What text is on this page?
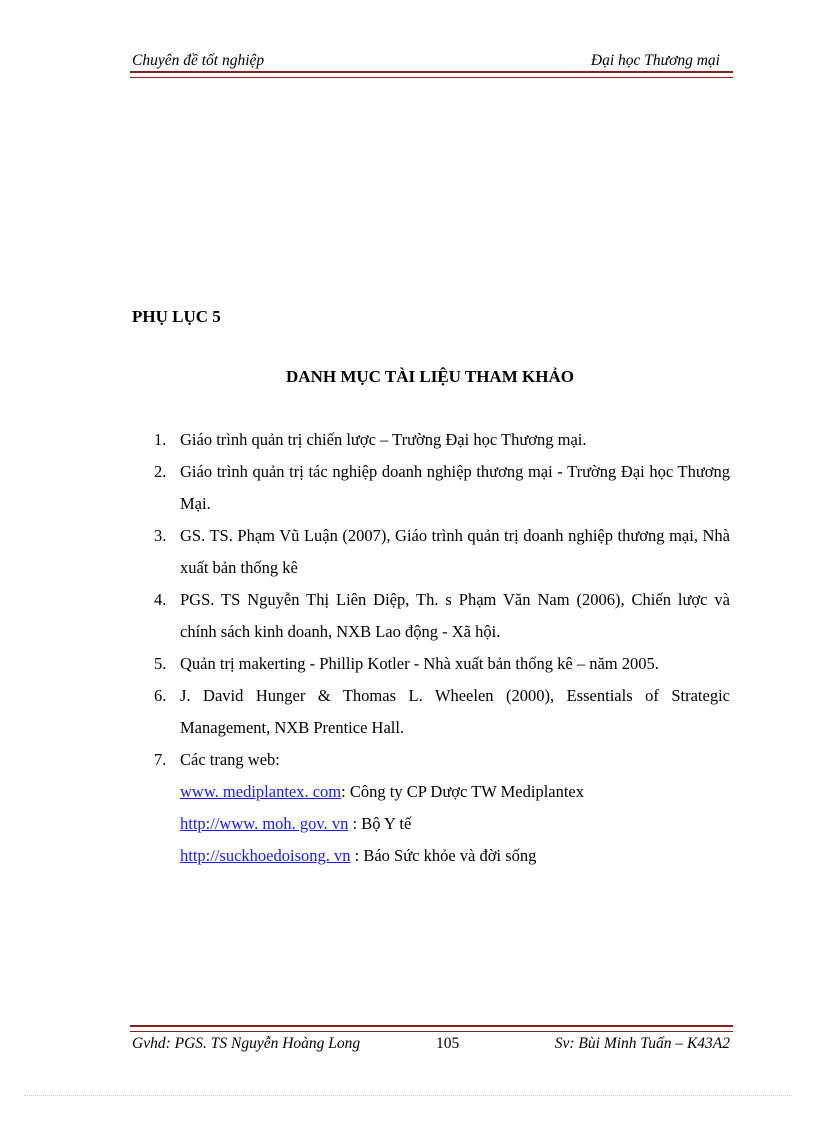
Chuyên đề tốt nghiệp	Đại học Thương mại
PHỤ LỤC 5
DANH MỤC TÀI LIỆU THAM KHẢO
1. Giáo trình quản trị chiến lược – Trường Đại học Thương mại.
2. Giáo trình quản trị tác nghiệp doanh nghiệp thương mại - Trường Đại học Thương Mại.
3. GS. TS. Phạm Vũ Luận (2007), Giáo trình quản trị doanh nghiệp thương mại, Nhà xuất bản thống kê
4. PGS. TS Nguyễn Thị Liên Diệp, Th. s Phạm Văn Nam (2006), Chiến lược và chính sách kinh doanh, NXB Lao động - Xã hội.
5. Quản trị makerting - Phillip Kotler - Nhà xuất bản thống kê – năm 2005.
6. J. David Hunger & Thomas L. Wheelen (2000), Essentials of Strategic Management, NXB Prentice Hall.
7. Các trang web:
www. mediplantex. com: Công ty CP Dược TW Mediplantex
http://www. moh. gov. vn : Bộ Y tế
http://suckhoedoisong. vn : Báo Sức khỏe và đời sống
Gvhd: PGS. TS Nguyễn Hoàng Long	105	Sv: Bùi Minh Tuấn – K43A2
